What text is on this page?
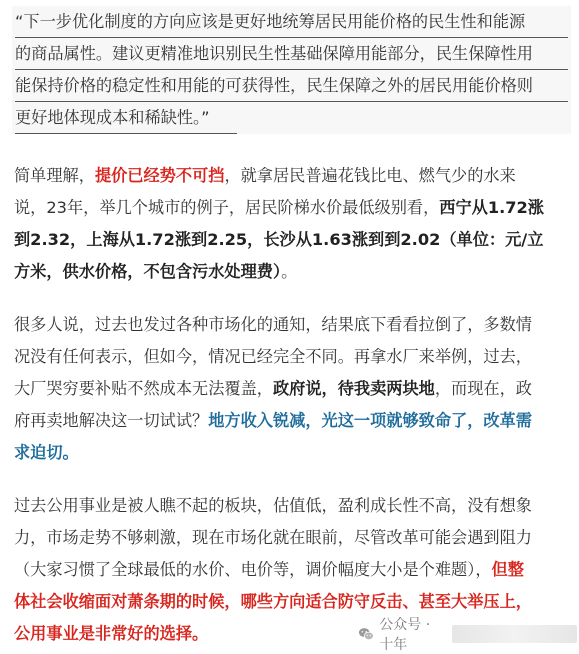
“下一步优化制度的方向应该是更好地统筹居民用能价格的民生性和能源
的商品属性。建议更精准地识别民生性基础保障用能部分，民生保障性用
能保持价格的稳定性和用能的可获得性，民生保障之外的居民用能价格则
更好地体现成本和稀缺性。”
简单理解，提价已经势不可挡，就拿居民普遍花钱比电、燃气少的水来
说，23年，举几个城市的例子，居民阶梯水价最低级别看，西宁从1.72涨
到2.32，上海从1.72涨到2.25，长沙从1.63涨到到2.02（单位：元/立
方米，供水价格，不包含污水处理费）。
很多人说，过去也发过各种市场化的通知，结果底下看看拉倒了，多数情
况没有任何表示，但如今，情况已经完全不同。再拿水厂来举例，过去，
大厂哭穷要补贴不然成本无法覆盖，政府说，待我卖两块地，而现在，政
府再卖地解决这一切试试？地方收入锐减，光这一项就够致命了，改革需
求迫切。
过去公用事业是被人瞧不起的板块，估值低，盈利成长性不高，没有想象
力，市场走势不够刺激，现在市场化就在眼前，尽管改革可能会遇到阻力
（大家习惯了全球最低的水价、电价等，调价幅度大小是个难题），但整
体社会收缩面对萧条期的时候，哪些方向适合防守反击、甚至大举压上，
公用事业是非常好的选择。	公众号 · 十年
